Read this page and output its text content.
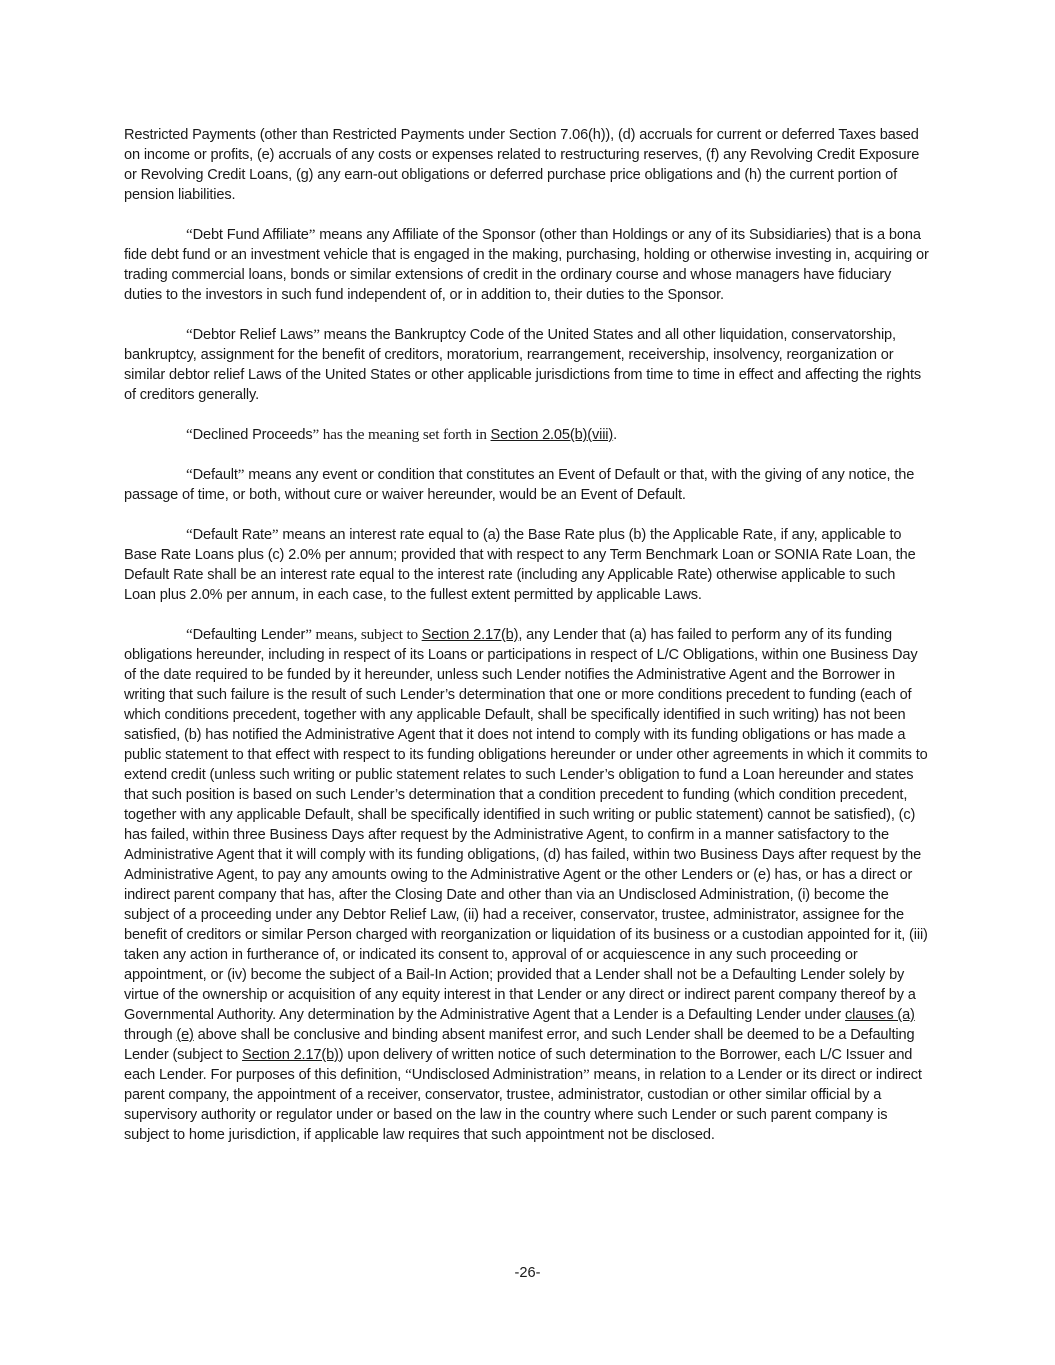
Restricted Payments (other than Restricted Payments under Section 7.06(h)), (d) accruals for current or deferred Taxes based on income or profits, (e) accruals of any costs or expenses related to restructuring reserves, (f) any Revolving Credit Exposure or Revolving Credit Loans, (g) any earn-out obligations or deferred purchase price obligations and (h) the current portion of pension liabilities.

“Debt Fund Affiliate” means any Affiliate of the Sponsor (other than Holdings or any of its Subsidiaries) that is a bona fide debt fund or an investment vehicle that is engaged in the making, purchasing, holding or otherwise investing in, acquiring or trading commercial loans, bonds or similar extensions of credit in the ordinary course and whose managers have fiduciary duties to the investors in such fund independent of, or in addition to, their duties to the Sponsor.

“Debtor Relief Laws” means the Bankruptcy Code of the United States and all other liquidation, conservatorship, bankruptcy, assignment for the benefit of creditors, moratorium, rearrangement, receivership, insolvency, reorganization or similar debtor relief Laws of the United States or other applicable jurisdictions from time to time in effect and affecting the rights of creditors generally.

“Declined Proceeds” has the meaning set forth in Section 2.05(b)(viii).

“Default” means any event or condition that constitutes an Event of Default or that, with the giving of any notice, the passage of time, or both, without cure or waiver hereunder, would be an Event of Default.

“Default Rate” means an interest rate equal to (a) the Base Rate plus (b) the Applicable Rate, if any, applicable to Base Rate Loans plus (c) 2.0% per annum; provided that with respect to any Term Benchmark Loan or SONIA Rate Loan, the Default Rate shall be an interest rate equal to the interest rate (including any Applicable Rate) otherwise applicable to such Loan plus 2.0% per annum, in each case, to the fullest extent permitted by applicable Laws.

“Defaulting Lender” means, subject to Section 2.17(b), any Lender that (a) has failed to perform any of its funding obligations hereunder, including in respect of its Loans or participations in respect of L/C Obligations, within one Business Day of the date required to be funded by it hereunder, unless such Lender notifies the Administrative Agent and the Borrower in writing that such failure is the result of such Lender’s determination that one or more conditions precedent to funding (each of which conditions precedent, together with any applicable Default, shall be specifically identified in such writing) has not been satisfied, (b) has notified the Administrative Agent that it does not intend to comply with its funding obligations or has made a public statement to that effect with respect to its funding obligations hereunder or under other agreements in which it commits to extend credit (unless such writing or public statement relates to such Lender’s obligation to fund a Loan hereunder and states that such position is based on such Lender’s determination that a condition precedent to funding (which condition precedent, together with any applicable Default, shall be specifically identified in such writing or public statement) cannot be satisfied), (c) has failed, within three Business Days after request by the Administrative Agent, to confirm in a manner satisfactory to the Administrative Agent that it will comply with its funding obligations, (d) has failed, within two Business Days after request by the Administrative Agent, to pay any amounts owing to the Administrative Agent or the other Lenders or (e) has, or has a direct or indirect parent company that has, after the Closing Date and other than via an Undisclosed Administration, (i) become the subject of a proceeding under any Debtor Relief Law, (ii) had a receiver, conservator, trustee, administrator, assignee for the benefit of creditors or similar Person charged with reorganization or liquidation of its business or a custodian appointed for it, (iii) taken any action in furtherance of, or indicated its consent to, approval of or acquiescence in any such proceeding or appointment, or (iv) become the subject of a Bail-In Action; provided that a Lender shall not be a Defaulting Lender solely by virtue of the ownership or acquisition of any equity interest in that Lender or any direct or indirect parent company thereof by a Governmental Authority. Any determination by the Administrative Agent that a Lender is a Defaulting Lender under clauses (a) through (e) above shall be conclusive and binding absent manifest error, and such Lender shall be deemed to be a Defaulting Lender (subject to Section 2.17(b)) upon delivery of written notice of such determination to the Borrower, each L/C Issuer and each Lender. For purposes of this definition, “Undisclosed Administration” means, in relation to a Lender or its direct or indirect parent company, the appointment of a receiver, conservator, trustee, administrator, custodian or other similar official by a supervisory authority or regulator under or based on the law in the country where such Lender or such parent company is subject to home jurisdiction, if applicable law requires that such appointment not be disclosed.

-26-
